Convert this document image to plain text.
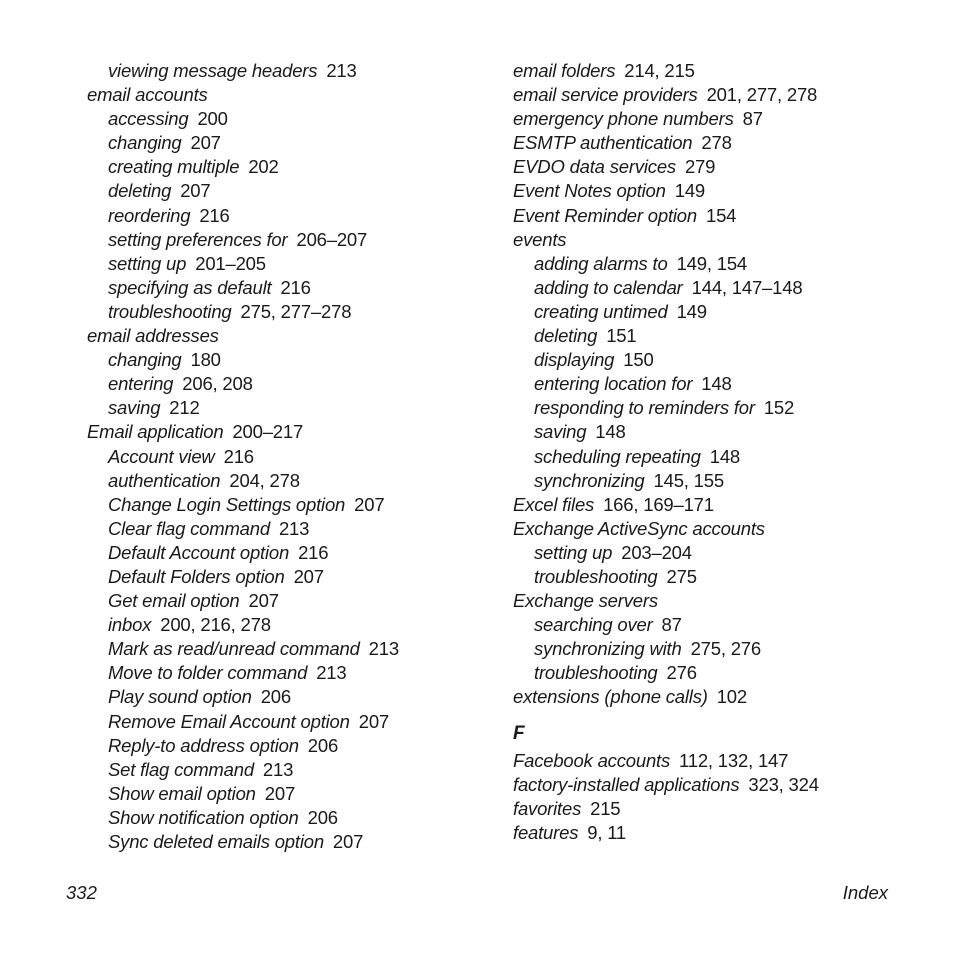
viewing message headers 213
email accounts
accessing 200
changing 207
creating multiple 202
deleting 207
reordering 216
setting preferences for 206–207
setting up 201–205
specifying as default 216
troubleshooting 275, 277–278
email addresses
changing 180
entering 206, 208
saving 212
Email application 200–217
Account view 216
authentication 204, 278
Change Login Settings option 207
Clear flag command 213
Default Account option 216
Default Folders option 207
Get email option 207
inbox 200, 216, 278
Mark as read/unread command 213
Move to folder command 213
Play sound option 206
Remove Email Account option 207
Reply-to address option 206
Set flag command 213
Show email option 207
Show notification option 206
Sync deleted emails option 207
email folders 214, 215
email service providers 201, 277, 278
emergency phone numbers 87
ESMTP authentication 278
EVDO data services 279
Event Notes option 149
Event Reminder option 154
events
adding alarms to 149, 154
adding to calendar 144, 147–148
creating untimed 149
deleting 151
displaying 150
entering location for 148
responding to reminders for 152
saving 148
scheduling repeating 148
synchronizing 145, 155
Excel files 166, 169–171
Exchange ActiveSync accounts
setting up 203–204
troubleshooting 275
Exchange servers
searching over 87
synchronizing with 275, 276
troubleshooting 276
extensions (phone calls) 102
F
Facebook accounts 112, 132, 147
factory-installed applications 323, 324
favorites 215
features 9, 11
332	Index
